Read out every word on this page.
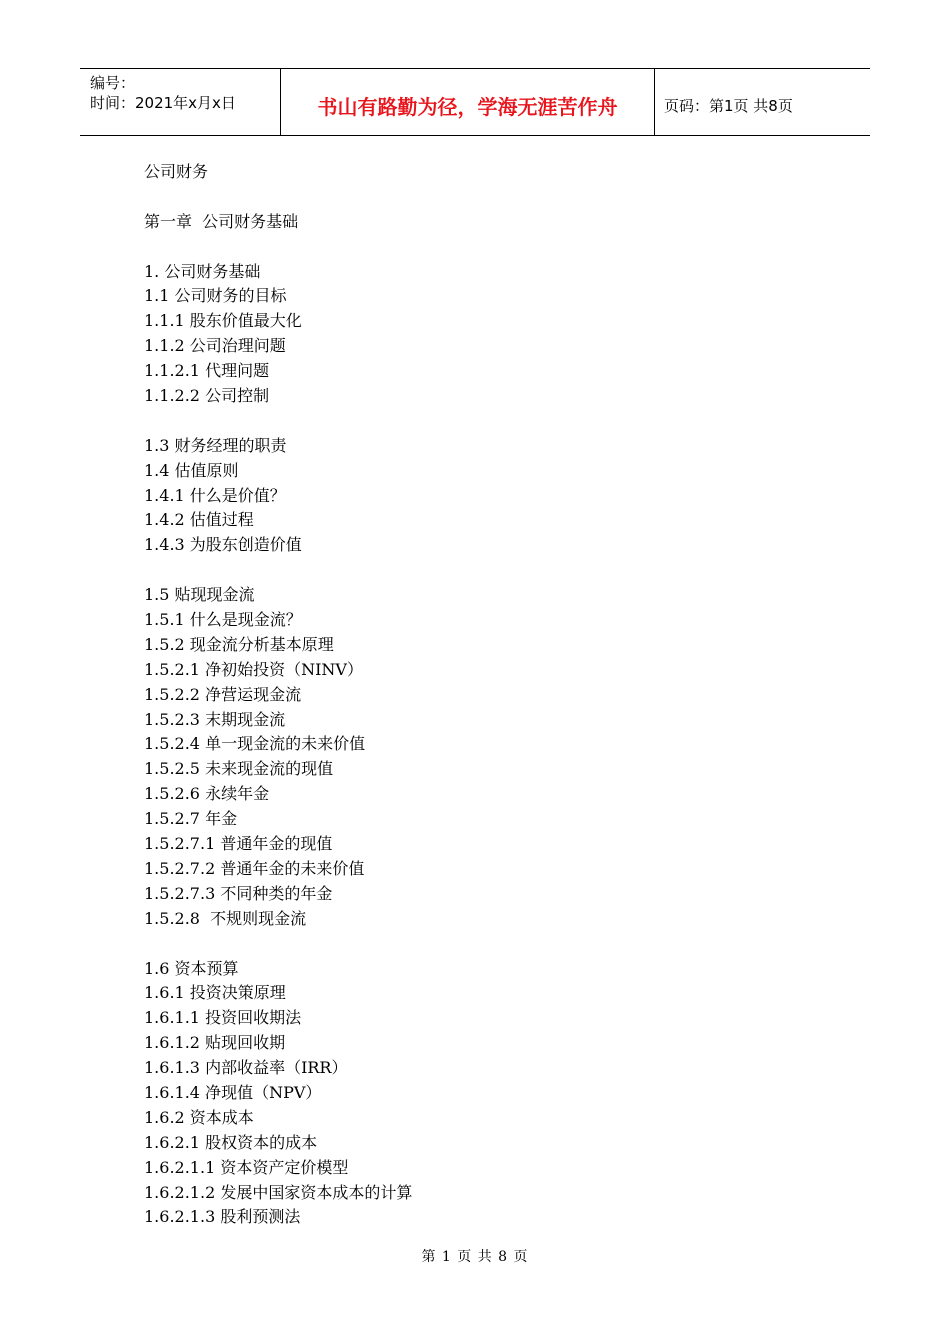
编号：
时间：2021年x月x日	书山有路勤为径，学海无涯苦作舟	页码：第1页 共8页
公司财务
第一章  公司财务基础
1. 公司财务基础
1.1 公司财务的目标
1.1.1 股东价值最大化
1.1.2 公司治理问题
1.1.2.1 代理问题
1.1.2.2 公司控制
1.3 财务经理的职责
1.4 估值原则
1.4.1 什么是价值？
1.4.2 估值过程
1.4.3 为股东创造价值
1.5 贴现现金流
1.5.1 什么是现金流？
1.5.2 现金流分析基本原理
1.5.2.1 净初始投资（NINV）
1.5.2.2 净营运现金流
1.5.2.3 末期现金流
1.5.2.4 单一现金流的未来价值
1.5.2.5 未来现金流的现值
1.5.2.6 永续年金
1.5.2.7 年金
1.5.2.7.1 普通年金的现值
1.5.2.7.2 普通年金的未来价值
1.5.2.7.3 不同种类的年金
1.5.2.8  不规则现金流
1.6 资本预算
1.6.1 投资决策原理
1.6.1.1 投资回收期法
1.6.1.2 贴现回收期
1.6.1.3 内部收益率（IRR）
1.6.1.4 净现值（NPV）
1.6.2 资本成本
1.6.2.1 股权资本的成本
1.6.2.1.1 资本资产定价模型
1.6.2.1.2 发展中国家资本成本的计算
1.6.2.1.3 股利预测法
第 1 页 共 8 页
